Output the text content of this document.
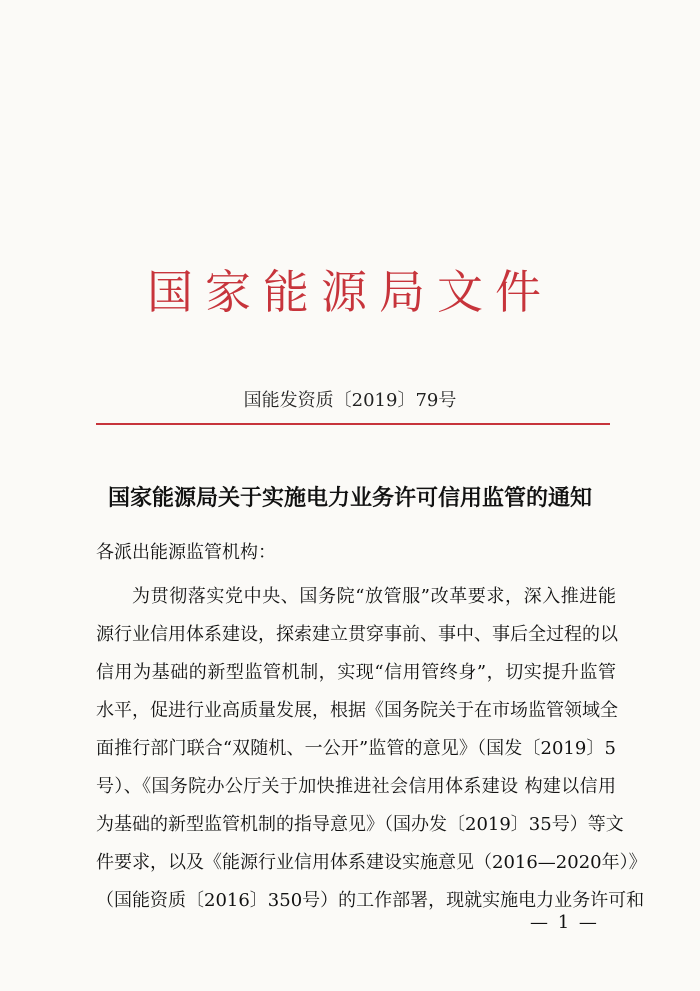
国家能源局文件
国能发资质〔2019〕79号
国家能源局关于实施电力业务许可信用监管的通知
各派出能源监管机构：
为贯彻落实党中央、国务院“放管服”改革要求，深入推进能
源行业信用体系建设，探索建立贯穿事前、事中、事后全过程的以
信用为基础的新型监管机制，实现“信用管终身”，切实提升监管
水平，促进行业高质量发展，根据《国务院关于在市场监管领域全
面推行部门联合“双随机、一公开”监管的意见》（国发〔2019〕5
号）、《国务院办公厅关于加快推进社会信用体系建设 构建以信用
为基础的新型监管机制的指导意见》（国办发〔2019〕35号）等文
件要求，以及《能源行业信用体系建设实施意见（2016—2020年）》
（国能资质〔2016〕350号）的工作部署，现就实施电力业务许可和
— 1 —
